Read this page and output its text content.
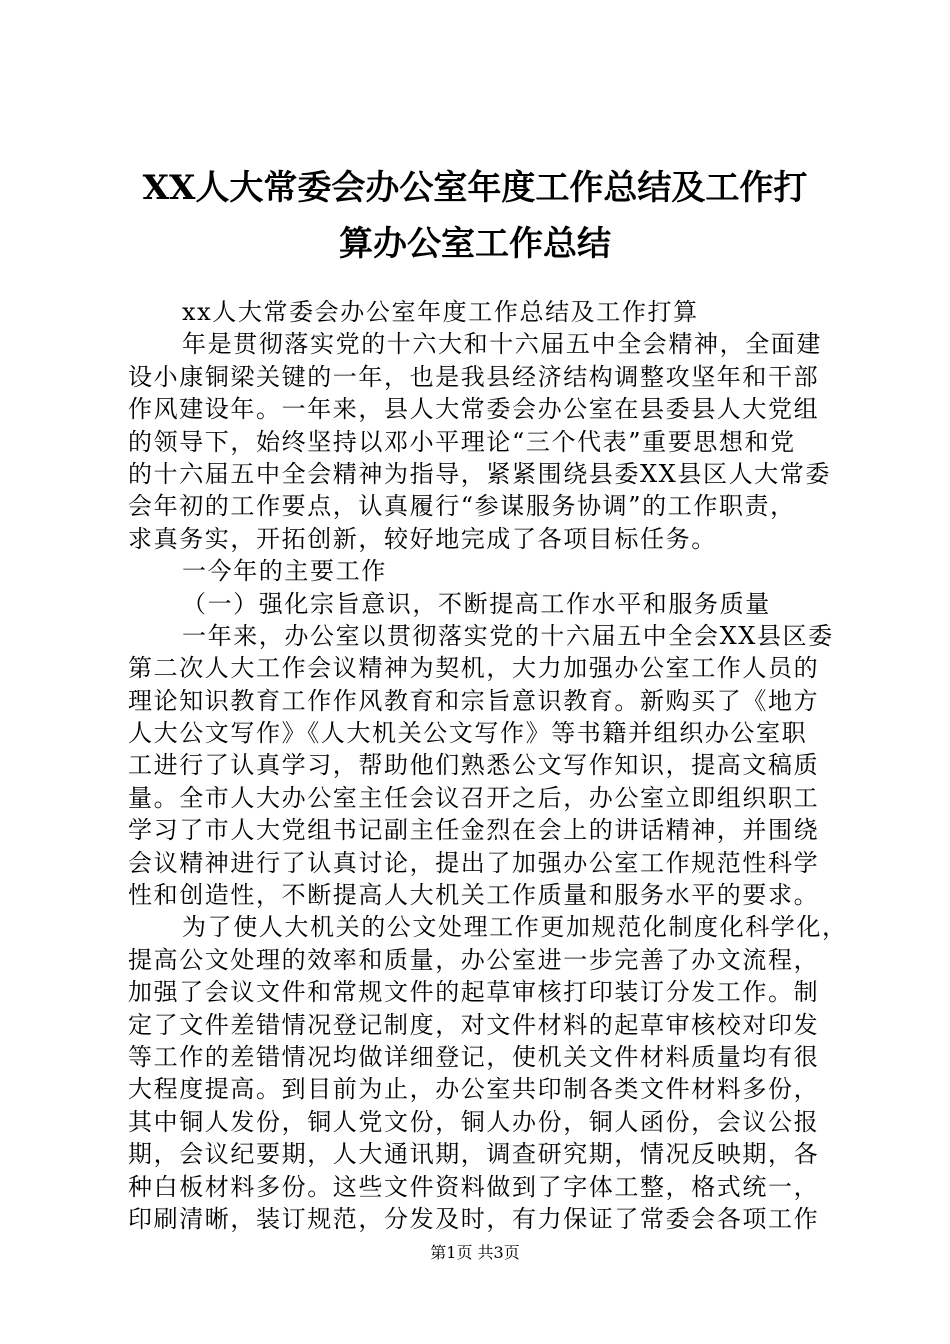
XX人大常委会办公室年度工作总结及工作打
算办公室工作总结
xx人大常委会办公室年度工作总结及工作打算
年是贯彻落实党的十六大和十六届五中全会精神，全面建
设小康铜梁关键的一年，也是我县经济结构调整攻坚年和干部
作风建设年。一年来，县人大常委会办公室在县委县人大党组
的领导下，始终坚持以邓小平理论“三个代表”重要思想和党
的十六届五中全会精神为指导，紧紧围绕县委XX县区人大常委
会年初的工作要点，认真履行“参谋服务协调”的工作职责，
求真务实，开拓创新，较好地完成了各项目标任务。
一今年的主要工作
（一）强化宗旨意识，不断提高工作水平和服务质量
一年来，办公室以贯彻落实党的十六届五中全会XX县区委
第二次人大工作会议精神为契机，大力加强办公室工作人员的
理论知识教育工作作风教育和宗旨意识教育。新购买了《地方
人大公文写作》《人大机关公文写作》等书籍并组织办公室职
工进行了认真学习，帮助他们熟悉公文写作知识，提高文稿质
量。全市人大办公室主任会议召开之后，办公室立即组织职工
学习了市人大党组书记副主任金烈在会上的讲话精神，并围绕
会议精神进行了认真讨论，提出了加强办公室工作规范性科学
性和创造性，不断提高人大机关工作质量和服务水平的要求。
为了使人大机关的公文处理工作更加规范化制度化科学化，
提高公文处理的效率和质量，办公室进一步完善了办文流程，
加强了会议文件和常规文件的起草审核打印装订分发工作。制
定了文件差错情况登记制度，对文件材料的起草审核校对印发
等工作的差错情况均做详细登记，使机关文件材料质量均有很
大程度提高。到目前为止，办公室共印制各类文件材料多份，
其中铜人发份，铜人党文份，铜人办份，铜人函份，会议公报
期，会议纪要期，人大通讯期，调查研究期，情况反映期，各
种白板材料多份。这些文件资料做到了字体工整，格式统一，
印刷清晰，装订规范，分发及时，有力保证了常委会各项工作
第1页 共3页
